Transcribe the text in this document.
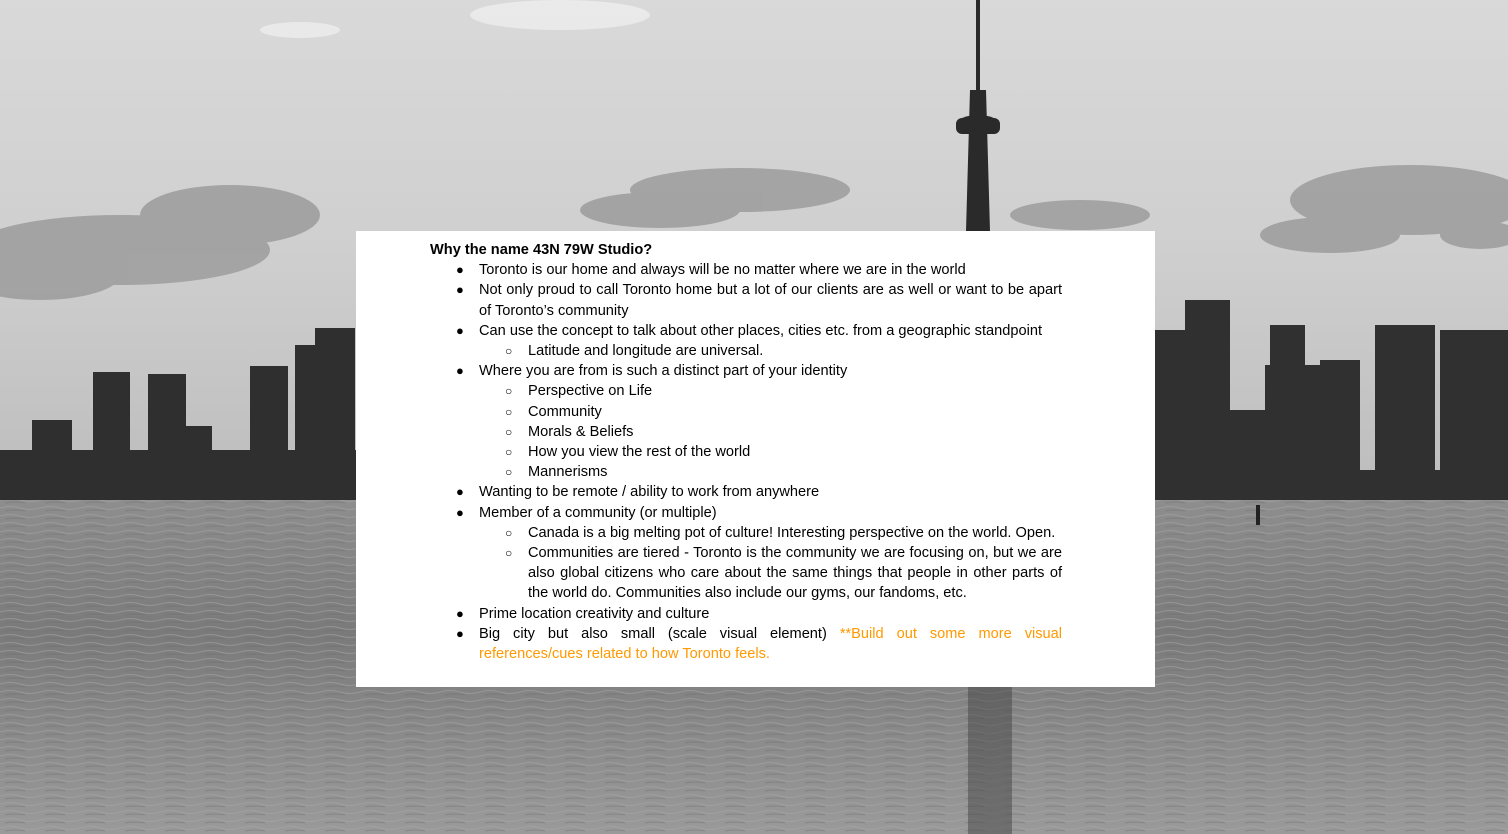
Why the name 43N 79W Studio?
● Toronto is our home and always will be no matter where we are in the world
● Not only proud to call Toronto home but a lot of our clients are as well or want to be apart of Toronto’s community
● Can use the concept to talk about other places, cities etc. from a geographic standpoint
○ Latitude and longitude are universal.
● Where you are from is such a distinct part of your identity
○ Perspective on Life
○ Community
○ Morals & Beliefs
○ How you view the rest of the world
○ Mannerisms
● Wanting to be remote / ability to work from anywhere
● Member of a community (or multiple)
○ Canada is a big melting pot of culture! Interesting perspective on the world. Open.
○ Communities are tiered - Toronto is the community we are focusing on, but we are also global citizens who care about the same things that people in other parts of the world do. Communities also include our gyms, our fandoms, etc.
● Prime location creativity and culture
● Big city but also small (scale visual element) **Build out some more visual references/cues related to how Toronto feels.
